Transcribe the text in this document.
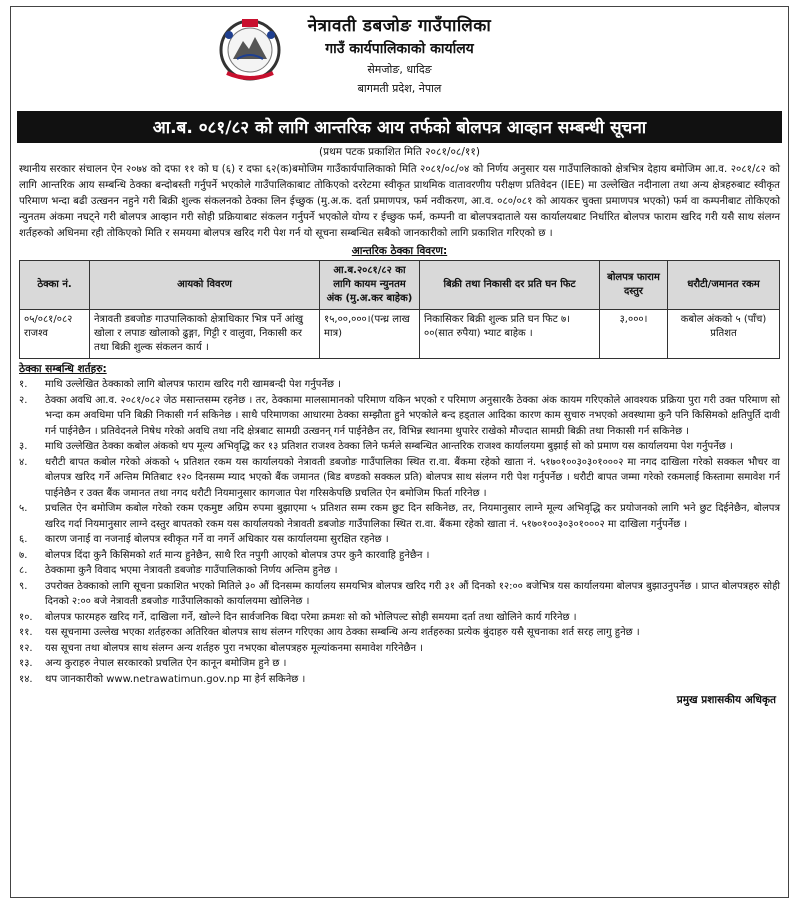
नेत्रावती डबजोङ गाउँपालिका
गाउँ कार्यपालिकाको कार्यालय
सेमजोङ, धादिङ
बागमती प्रदेश, नेपाल
आ.ब. ०८१/८२ को लागि आन्तरिक आय तर्फको बोलपत्र आव्हान सम्बन्धी सूचना
(प्रथम पटक प्रकाशित मिति २०८१/०८/११)
स्थानीय सरकार संचालन ऐन २०७४ को दफा ११ को घ (६) र दफा ६२(क)बमोजिम गाउँकार्यपालिकाको मिति २०८१/०८/०४ को निर्णय अनुसार यस गाउँपालिकाको क्षेत्रभित्र देहाय बमोजिम आ.व. २०८१/८२ को लागि आन्तरिक आय सम्बन्धि ठेक्का बन्दोबस्ती गर्नुपर्ने भएकोले गाउँपालिकाबाट तोकिएको दररेटमा स्वीकृत प्राथमिक वातावरणीय परीक्षण प्रतिवेदन (IEE) मा उल्लेखित नदीनाला तथा अन्य क्षेत्रहरुबाट स्वीकृत परिमाण भन्दा बढी उत्खनन नहुने गरी बिक्री शुल्क संकलनको ठेक्का लिन ईच्छुक (मु.अ.क. दर्ता प्रमाणपत्र, फर्म नवीकरण, आ.व. ०८०/०८१ को आयकर चुक्ता प्रमाणपत्र भएको) फर्म वा कम्पनीबाट तोकिएको न्युनतम अंकमा नघट्ने गरी बोलपत्र आव्हान गरी सोही प्रक्रियाबाट संकलन गर्नुपर्ने भएकोले योग्य र ईच्छुक फर्म, कम्पनी वा बोलपत्रदाताले यस कार्यालयबाट निर्धारित बोलपत्र फाराम खरिद गरी यसै साथ संलग्न शर्तहरुको अधिनमा रही तोकिएको मिति र समयमा बोलपत्र खरिद गरी पेश गर्न यो सूचना सम्बन्धित सबैको जानकारीको लागि प्रकाशित गरिएको छ ।
आन्तरिक ठेक्का विवरण:
ठेक्का नं.	आयको विवरण	आ.ब.२०८१/८२ का लागि कायम न्युनतम अंक (मु.अ.कर बाहेक)	बिक्री तथा निकासी दर प्रति घन फिट	बोलपत्र फाराम दस्तुर	धरौटी/जमानत रकम
०५/०८१/०८२ राजश्व	नेत्रावती डबजोङ गाउपालिकाको क्षेत्राधिकार भित्र पर्ने आंखु खोला र लपाङ खोलाको ढुङ्गा, गिट्टी र वालुवा, निकासी कर तथा बिक्री शुल्क संकलन कार्य ।	१५,००,०००।(पन्ध्र लाख मात्र)	निकासिकर बिक्री शुल्क प्रति घन फिट ७।००(सात रुपैया) भ्याट बाहेक ।	३,०००।	कबोल अंकको ५ (पाँच) प्रतिशत
ठेक्का सम्बन्धि शर्तहरु:
१.	माथि उल्लेखित ठेक्काको लागि बोलपत्र फाराम खरिद गरी खामबन्दी पेश गर्नुपर्नेछ ।
२.	ठेक्का अवधि आ.व. २०८१/०८२ जेठ मसान्तसम्म रहनेछ । तर, ठेक्कामा मालसामानको परिमाण यकिन भएको र परिमाण अनुसारकै ठेक्का अंक कायम गरिएकोले आवश्यक प्रक्रिया पुरा गरी उक्त परिमाण सो भन्दा कम अवधिमा पनि बिक्री निकासी गर्न सकिनेछ । साथै परिमाणका आधारमा ठेक्का सम्झौता हुने भएकोले बन्द हड्ताल आदिका कारण काम सुचारु नभएको अवस्थामा कुनै पनि किसिमको क्षतिपुर्ति दावी गर्न पाईनेछैन । प्रतिवेदनले निषेध गरेको अवधि तथा नदि क्षेत्रबाट सामग्री उत्खनन् गर्न पाईनेछैन तर, विभिन्न स्थानमा थुपारेर राखेको मौज्दात सामग्री बिक्री तथा निकासी गर्न सकिनेछ ।
३.	माथि उल्लेखित ठेक्का कबोल अंकको थप मूल्य अभिवृद्धि कर १३ प्रतिशत राजश्व ठेक्का लिने फर्मले सम्बन्धित आन्तरिक राजश्व कार्यालयमा बुझाई सो को प्रमाण यस कार्यालयमा पेश गर्नुपर्नेछ ।
४.	धरौटी बापत कबोल गरेको अंकको ५ प्रतिशत रकम यस कार्यालयको नेत्रावती डबजोङ गाउँपालिका स्थित रा.वा. बैंकमा रहेको खाता नं. ५१७०१००३०३०१०००२ मा नगद दाखिला गरेको सक्कल भौचर वा बोलपत्र खरिद गर्ने अन्तिम मितिबाट १२० दिनसम्म म्याद भएको बैंक जमानत (बिड बण्डको सक्कल प्रति) बोलपत्र साथ संलग्न गरी पेश गर्नुपर्नेछ । धरौटी बापत जम्मा गरेको रकमलाई किस्तामा समावेश गर्न पाईनेछैन र उक्त बैंक जमानत तथा नगद धरौटी नियमानुसार कागजात पेश गरिसकेपछि प्रचलित ऐन बमोजिम फिर्ता गरिनेछ ।
५.	प्रचलित ऐन बमोजिम कबोल गरेको रकम एकमुष्ट अग्रिम रुपमा बुझाएमा ५ प्रतिशत सम्म रकम छुट दिन सकिनेछ, तर, नियमानुसार लाग्ने मूल्य अभिवृद्धि कर प्रयोजनको लागि भने छुट दिईनेछैन, बोलपत्र खरिद गर्दा नियमानुसार लाग्ने दस्तुर बापतको रकम यस कार्यालयको नेत्रावती डबजोङ गाउँपालिका स्थित रा.वा. बैंकमा रहेको खाता नं. ५१७०१००३०३०१०००२ मा दाखिला गर्नुपर्नेछ ।
६.	कारण जनाई वा नजनाई बोलपत्र स्वीकृत गर्ने वा नगर्ने अधिकार यस कार्यालयमा सुरक्षित रहनेछ ।
७.	बोलपत्र दिंदा कुनै किसिमको शर्त मान्य हुनेछैन, साथै रित नपुगी आएको बोलपत्र उपर कुनै कारवाहि हुनेछैन ।
८.	ठेक्कामा कुनै विवाद भएमा नेत्रावती डबजोङ गाउँपालिकाको निर्णय अन्तिम हुनेछ ।
९.	उपरोक्त ठेक्काको लागि सूचना प्रकाशित भएको मितिले ३० औं दिनसम्म कार्यालय समयभित्र बोलपत्र खरिद गरी ३१ औं दिनको १२:०० बजेभित्र यस कार्यालयमा बोलपत्र बुझाउनुपर्नेछ । प्राप्त बोलपत्रहरु सोही दिनको २:०० बजे नेत्रावती डबजोङ गाउँपालिकाको कार्यालयमा खोलिनेछ ।
१०.	बोलपत्र फारमहरु खरिद गर्ने, दाखिला गर्ने, खोल्ने दिन सार्वजनिक बिदा परेमा क्रमशः सो को भोलिपल्ट सोही समयमा दर्ता तथा खोलिने कार्य गरिनेछ ।
११.	यस सूचनामा उल्लेख भएका शर्तहरुका अतिरिक्त बोलपत्र साथ संलग्न गरिएका आय ठेक्का सम्बन्धि अन्य शर्तहरुका प्रत्येक बुंदाहरु यसै सूचनाका शर्त सरह लागु हुनेछ ।
१२.	यस सूचना तथा बोलपत्र साथ संलग्न अन्य शर्तहरु पुरा नभएका बोलपत्रहरु मूल्यांकनमा समावेश गरिनेछैन ।
१३.	अन्य कुराहरु नेपाल सरकारको प्रचलित ऐन कानून बमोजिम हुने छ ।
१४.	थप जानकारीको www.netrawatimun.gov.np मा हेर्न सकिनेछ ।
प्रमुख प्रशासकीय अधिकृत
